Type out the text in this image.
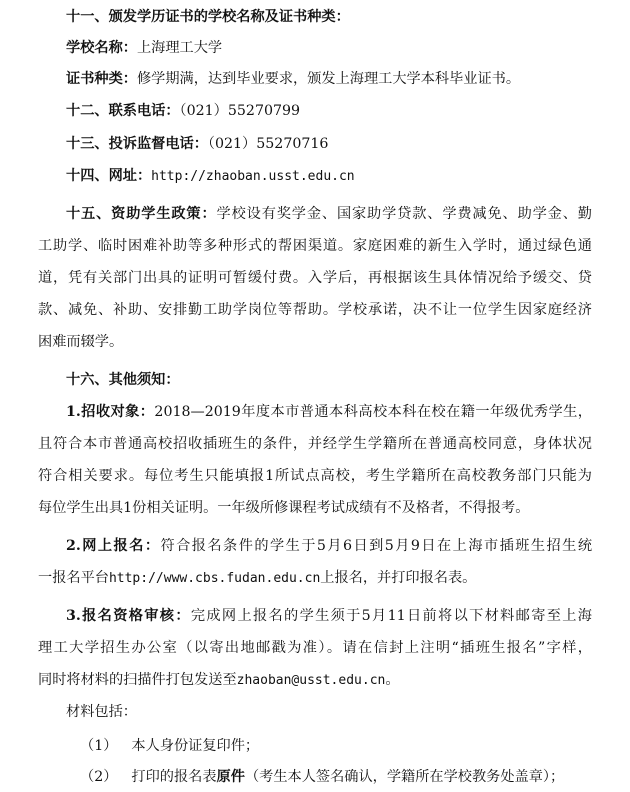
十一、颁发学历证书的学校名称及证书种类：
学校名称：上海理工大学
证书种类：修学期满，达到毕业要求，颁发上海理工大学本科毕业证书。
十二、联系电话：（021）55270799
十三、投诉监督电话：（021）55270716
十四、网址：http://zhaoban.usst.edu.cn
十五、资助学生政策：学校设有奖学金、国家助学贷款、学费减免、助学金、勤
工助学、临时困难补助等多种形式的帮困渠道。家庭困难的新生入学时，通过绿色通
道，凭有关部门出具的证明可暂缓付费。入学后，再根据该生具体情况给予缓交、贷
款、减免、补助、安排勤工助学岗位等帮助。学校承诺，决不让一位学生因家庭经济
困难而辍学。
十六、其他须知：
1.招收对象：2018—2019年度本市普通本科高校本科在校在籍一年级优秀学生，
且符合本市普通高校招收插班生的条件，并经学生学籍所在普通高校同意，身体状况
符合相关要求。每位考生只能填报1所试点高校，考生学籍所在高校教务部门只能为
每位学生出具1份相关证明。一年级所修课程考试成绩有不及格者，不得报考。
2.网上报名：符合报名条件的学生于5月6日到5月9日在上海市插班生招生统
一报名平台http://www.cbs.fudan.edu.cn上报名，并打印报名表。
3.报名资格审核：完成网上报名的学生须于5月11日前将以下材料邮寄至上海
理工大学招生办公室（以寄出地邮戳为准）。请在信封上注明“插班生报名”字样，
同时将材料的扫描件打包发送至zhaoban@usst.edu.cn。
材料包括：
（1） 本人身份证复印件；
（2） 打印的报名表原件（考生本人签名确认，学籍所在学校教务处盖章）；
